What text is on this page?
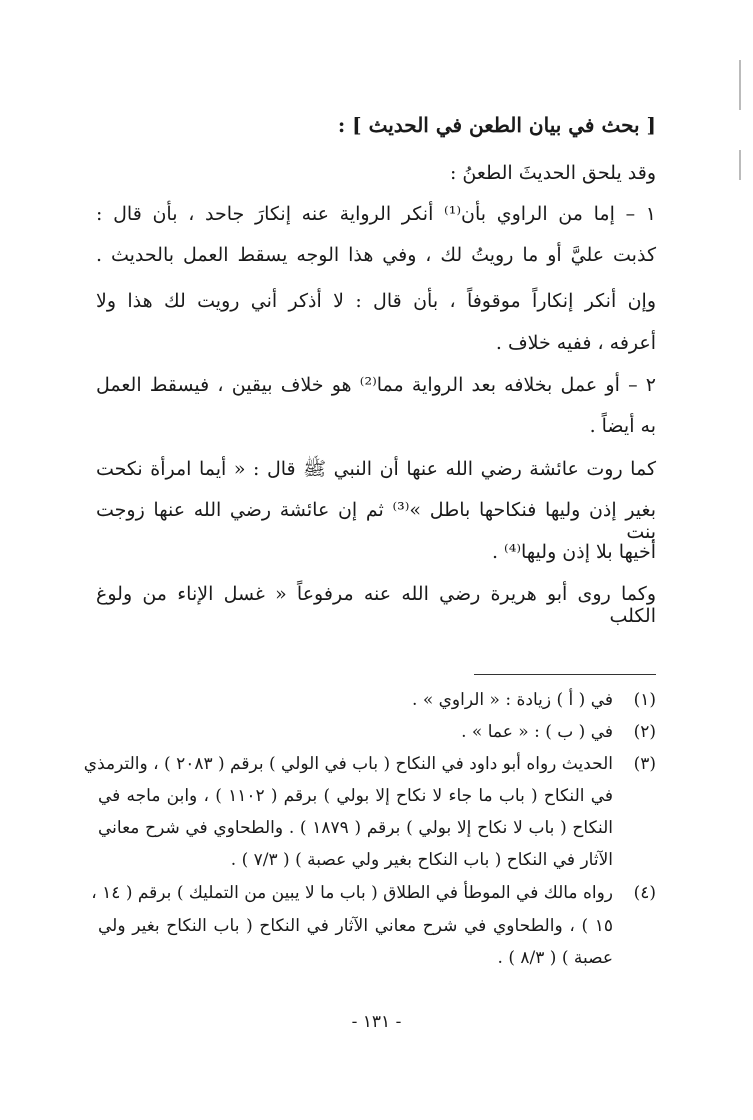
[ بحث في بيان الطعن في الحديث ] :
وقد يلحق الحديثَ الطعنُ :
١ – إما من الراوي بأن⁽¹⁾ أنكر الرواية عنه إنكارَ جاحد ، بأن قال :
كذبت عليَّ أو ما رويتُ لك ، وفي هذا الوجه يسقط العمل بالحديث .
وإن أنكر إنكاراً موقوفاً ، بأن قال : لا أذكر أني رويت لك هذا ولا
أعرفه ، ففيه خلاف .
٢ – أو عمل بخلافه بعد الرواية مما⁽²⁾ هو خلاف بيقين ، فيسقط العمل
به أيضاً .
كما روت عائشة رضي الله عنها أن النبي ﷺ قال : « أيما امرأة نكحت
بغير إذن وليها فنكاحها باطل »⁽³⁾ ثم إن عائشة رضي الله عنها زوجت بنت
أخيها بلا إذن وليها⁽⁴⁾ .
وكما روى أبو هريرة رضي الله عنه مرفوعاً « غسل الإناء من ولوغ الكلب
(١)
في ( أ ) زيادة : « الراوي » .
(٢)
في ( ب ) : « عما » .
(٣)
الحديث رواه أبو داود في النكاح ( باب في الولي ) برقم ( ٢٠٨٣ ) ، والترمذي
في النكاح ( باب ما جاء لا نكاح إلا بولي ) برقم ( ١١٠٢ ) ، وابن ماجه في
النكاح ( باب لا نكاح إلا بولي ) برقم ( ١٨٧٩ ) . والطحاوي في شرح معاني
الآثار في النكاح ( باب النكاح بغير ولي عصبة ) ( ٧/٣ ) .
(٤)
رواه مالك في الموطأ في الطلاق ( باب ما لا يبين من التمليك ) برقم ( ١٤ ،
١٥ ) ، والطحاوي في شرح معاني الآثار في النكاح ( باب النكاح بغير ولي
عصبة ) ( ٨/٣ ) .
- ١٣١ -
